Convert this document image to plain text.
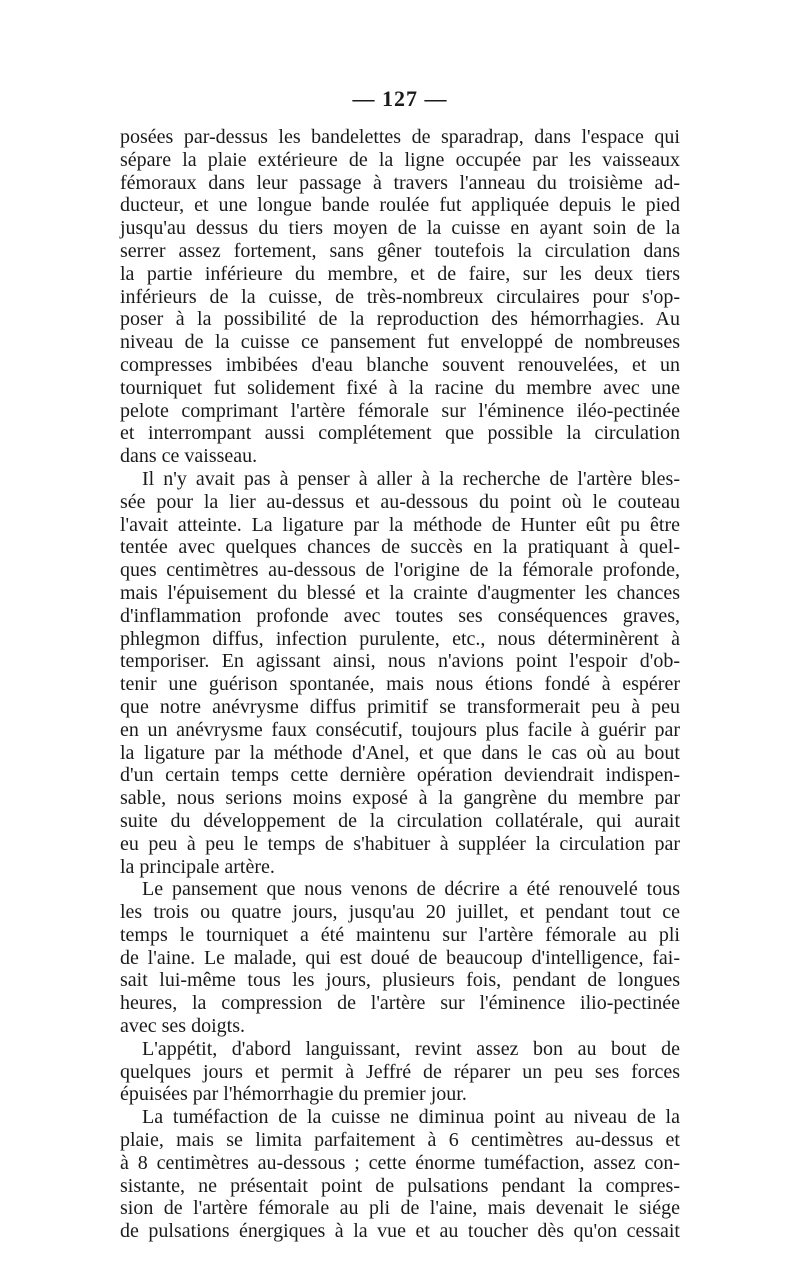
— 127 —
posées par-dessus les bandelettes de sparadrap, dans l'espace qui
sépare la plaie extérieure de la ligne occupée par les vaisseaux
fémoraux dans leur passage à travers l'anneau du troisième ad-
ducteur, et une longue bande roulée fut appliquée depuis le pied
jusqu'au dessus du tiers moyen de la cuisse en ayant soin de la
serrer assez fortement, sans gêner toutefois la circulation dans
la partie inférieure du membre, et de faire, sur les deux tiers
inférieurs de la cuisse, de très-nombreux circulaires pour s'op-
poser à la possibilité de la reproduction des hémorrhagies. Au
niveau de la cuisse ce pansement fut enveloppé de nombreuses
compresses imbibées d'eau blanche souvent renouvelées, et un
tourniquet fut solidement fixé à la racine du membre avec une
pelote comprimant l'artère fémorale sur l'éminence iléo-pectinée
et interrompant aussi complétement que possible la circulation
dans ce vaisseau.
Il n'y avait pas à penser à aller à la recherche de l'artère bles-
sée pour la lier au-dessus et au-dessous du point où le couteau
l'avait atteinte. La ligature par la méthode de Hunter eût pu être
tentée avec quelques chances de succès en la pratiquant à quel-
ques centimètres au-dessous de l'origine de la fémorale profonde,
mais l'épuisement du blessé et la crainte d'augmenter les chances
d'inflammation profonde avec toutes ses conséquences graves,
phlegmon diffus, infection purulente, etc., nous déterminèrent à
temporiser. En agissant ainsi, nous n'avions point l'espoir d'ob-
tenir une guérison spontanée, mais nous étions fondé à espérer
que notre anévrysme diffus primitif se transformerait peu à peu
en un anévrysme faux consécutif, toujours plus facile à guérir par
la ligature par la méthode d'Anel, et que dans le cas où au bout
d'un certain temps cette dernière opération deviendrait indispen-
sable, nous serions moins exposé à la gangrène du membre par
suite du développement de la circulation collatérale, qui aurait
eu peu à peu le temps de s'habituer à suppléer la circulation par
la principale artère.
Le pansement que nous venons de décrire a été renouvelé tous
les trois ou quatre jours, jusqu'au 20 juillet, et pendant tout ce
temps le tourniquet a été maintenu sur l'artère fémorale au pli
de l'aine. Le malade, qui est doué de beaucoup d'intelligence, fai-
sait lui-même tous les jours, plusieurs fois, pendant de longues
heures, la compression de l'artère sur l'éminence ilio-pectinée
avec ses doigts.
L'appétit, d'abord languissant, revint assez bon au bout de
quelques jours et permit à Jeffré de réparer un peu ses forces
épuisées par l'hémorrhagie du premier jour.
La tuméfaction de la cuisse ne diminua point au niveau de la
plaie, mais se limita parfaitement à 6 centimètres au-dessus et
à 8 centimètres au-dessous ; cette énorme tuméfaction, assez con-
sistante, ne présentait point de pulsations pendant la compres-
sion de l'artère fémorale au pli de l'aine, mais devenait le siége
de pulsations énergiques à la vue et au toucher dès qu'on cessait
